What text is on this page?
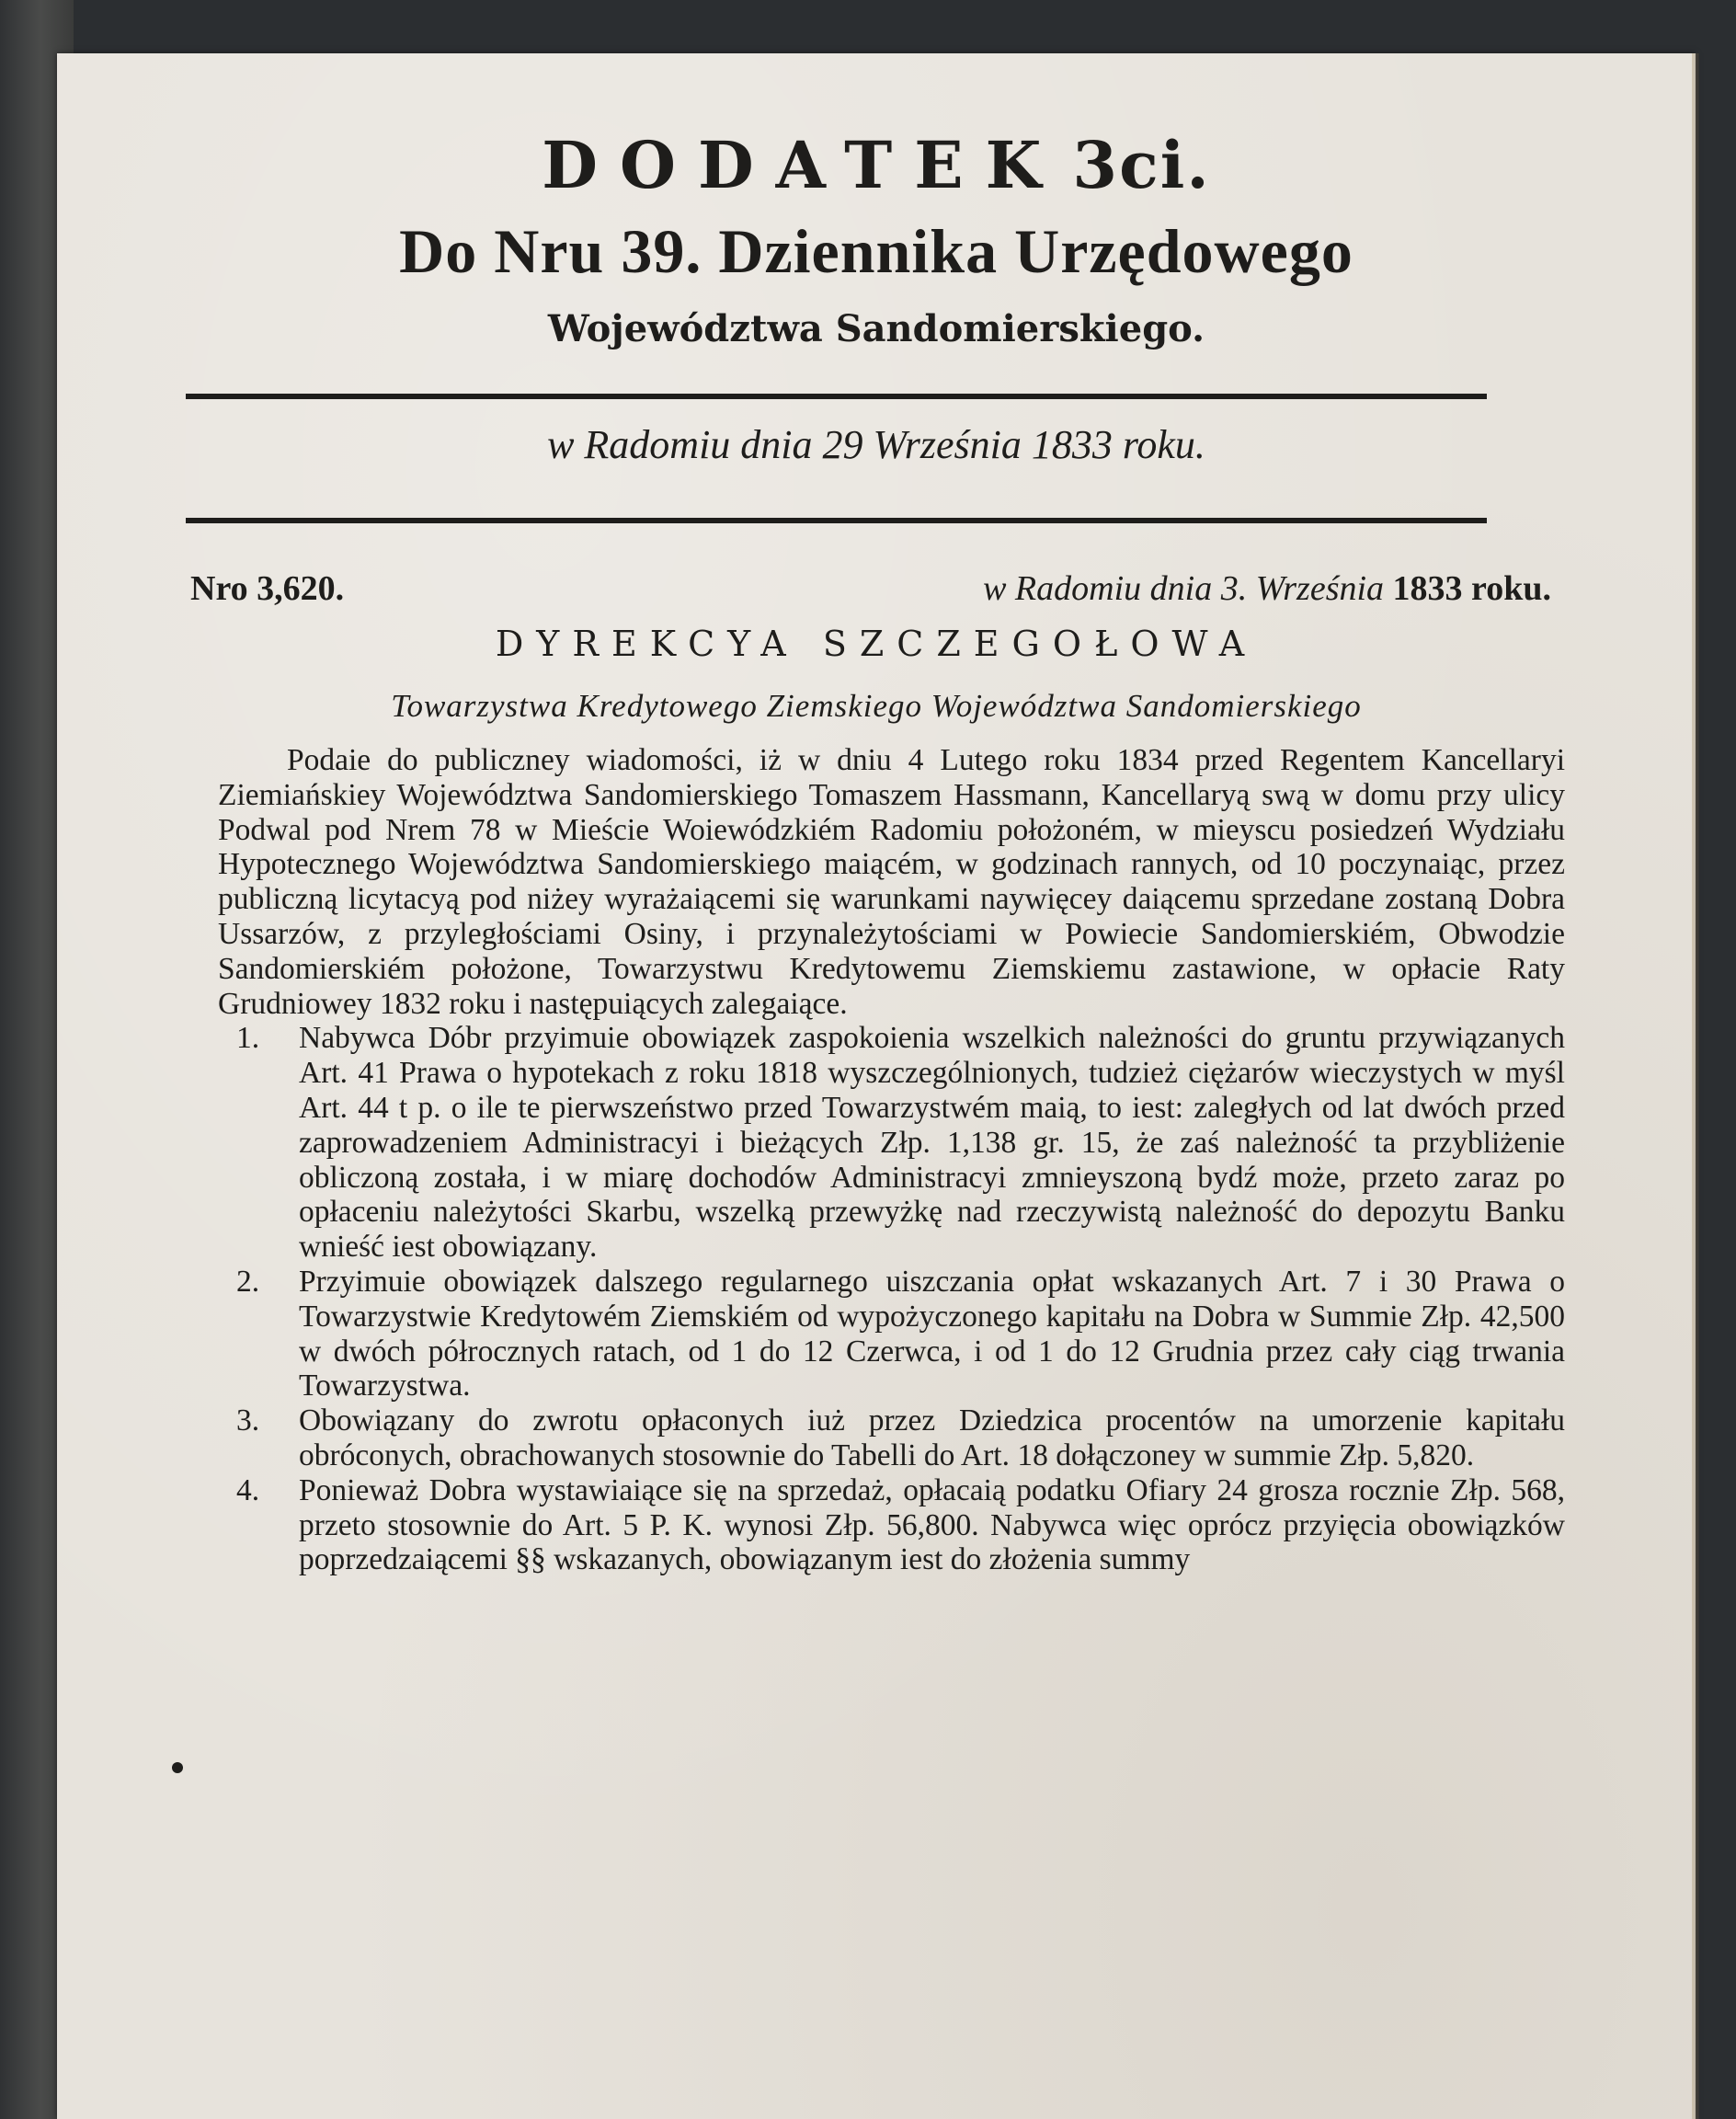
DODATEK 3ci.
Do Nru 39. Dziennika Urzędowego
Województwa Sandomierskiego.
w Radomiu dnia 29 Września 1833 roku.
Nro 3,620.	w Radomiu dnia 3. Września 1833 roku.
DYREKCYA SZCZEGOŁOWA
Towarzystwa Kredytowego Ziemskiego Województwa Sandomierskiego

Podaie do publiczney wiadomości, iż w dniu 4 Lutego roku 1834 przed Regentem Kancellaryi Ziemiańskiey Województwa Sandomierskiego Tomaszem Hassmann, Kancellaryą swą w domu przy ulicy Podwal pod Nrem 78 w Mieście Woiewódzkiém Radomiu położoném, w mieyscu posiedzeń Wydziału Hypotecznego Województwa Sandomierskiego maiącém, w godzinach rannych, od 10 poczynaiąc, przez publiczną licytacyą pod niżey wyrażaiącemi się warunkami naywięcey daiącemu sprzedane zostaną Dobra Ussarzów, z przyległościami Osiny, i przynależytościami w Powiecie Sandomierskiém, Obwodzie Sandomierskiém położone, Towarzystwu Kredytowemu Ziemskiemu zastawione, w opłacie Raty Grudniowey 1832 roku i następuiących zalegaiące.

1. Nabywca Dóbr przyimuie obowiązek zaspokoienia wszelkich należności do gruntu przywiązanych Art. 41 Prawa o hypotekach z roku 1818 wyszczególnionych, tudzież ciężarów wieczystych w myśl Art. 44 t p. o ile te pierwszeństwo przed Towarzystwém maią, to iest: zaległych od lat dwóch przed zaprowadzeniem Administracyi i bieżących Złp. 1,138 gr. 15, że zaś należność ta przybliżenie obliczoną została, i w miarę dochodów Administracyi zmnieyszoną bydź może, przeto zaraz po opłaceniu należytości Skarbu, wszelką przewyżkę nad rzeczywistą należność do depozytu Banku wnieść iest obowiązany.
2. Przyimuie obowiązek dalszego regularnego uiszczania opłat wskazanych Art. 7 i 30 Prawa o Towarzystwie Kredytowém Ziemskiém od wypożyczonego kapitału na Dobra w Summie Złp. 42,500 w dwóch półrocznych ratach, od 1 do 12 Czerwca, i od 1 do 12 Grudnia przez cały ciąg trwania Towarzystwa.
3. Obowiązany do zwrotu opłaconych iuż przez Dziedzica procentów na umorzenie kapitału obróconych, obrachowanych stosownie do Tabelli do Art. 18 dołączoney w summie Złp. 5,820.
4. Ponieważ Dobra wystawiaiące się na sprzedaż, opłacaią podatku Ofiary 24 grosza rocznie Złp. 568, przeto stosownie do Art. 5 P. K. wynosi Złp. 56,800. Nabywca więc oprócz przyięcia obowiązków poprzedzaiącemi §§ wskazanych, obowiązanym iest do złożenia summy
